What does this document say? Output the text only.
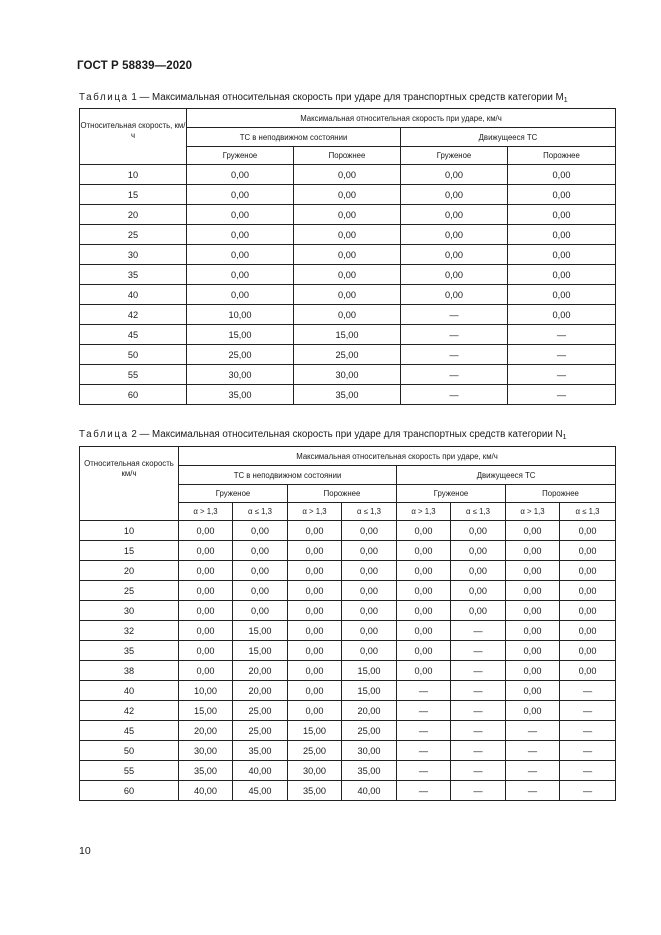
ГОСТ Р 58839—2020
Таблица 1 — Максимальная относительная скорость при ударе для транспортных средств категории $M_1$
Относительная скорость, км/ч	Максимальная относительная скорость при ударе, км/ч			
	ТС в неподвижном состоянии		Движущееся ТС	
	Груженое	Порожнее	Груженое	Порожнее
10	0,00	0,00	0,00	0,00
15	0,00	0,00	0,00	0,00
20	0,00	0,00	0,00	0,00
25	0,00	0,00	0,00	0,00
30	0,00	0,00	0,00	0,00
35	0,00	0,00	0,00	0,00
40	0,00	0,00	0,00	0,00
42	10,00	0,00	—	0,00
45	15,00	15,00	—	—
50	25,00	25,00	—	—
55	30,00	30,00	—	—
60	35,00	35,00	—	—
Таблица 2 — Максимальная относительная скорость при ударе для транспортных средств категории $N_1$
Относительная скорость км/ч	Максимальная относительная скорость при ударе, км/ч							
	ТС в неподвижном состоянии				Движущееся ТС			
	Груженое		Порожнее		Груженое		Порожнее	
	α > 1,3	α ≤ 1,3	α > 1,3	α ≤ 1,3	α > 1,3	α ≤ 1,3	α > 1,3	α ≤ 1,3
10	0,00	0,00	0,00	0,00	0,00	0,00	0,00	0,00
15	0,00	0,00	0,00	0,00	0,00	0,00	0,00	0,00
20	0,00	0,00	0,00	0,00	0,00	0,00	0,00	0,00
25	0,00	0,00	0,00	0,00	0,00	0,00	0,00	0,00
30	0,00	0,00	0,00	0,00	0,00	0,00	0,00	0,00
32	0,00	15,00	0,00	0,00	0,00	—	0,00	0,00
35	0,00	15,00	0,00	0,00	0,00	—	0,00	0,00
38	0,00	20,00	0,00	15,00	0,00	—	0,00	0,00
40	10,00	20,00	0,00	15,00	—	—	0,00	—
42	15,00	25,00	0,00	20,00	—	—	0,00	—
45	20,00	25,00	15,00	25,00	—	—	—	—
50	30,00	35,00	25,00	30,00	—	—	—	—
55	35,00	40,00	30,00	35,00	—	—	—	—
60	40,00	45,00	35,00	40,00	—	—	—	—
10
